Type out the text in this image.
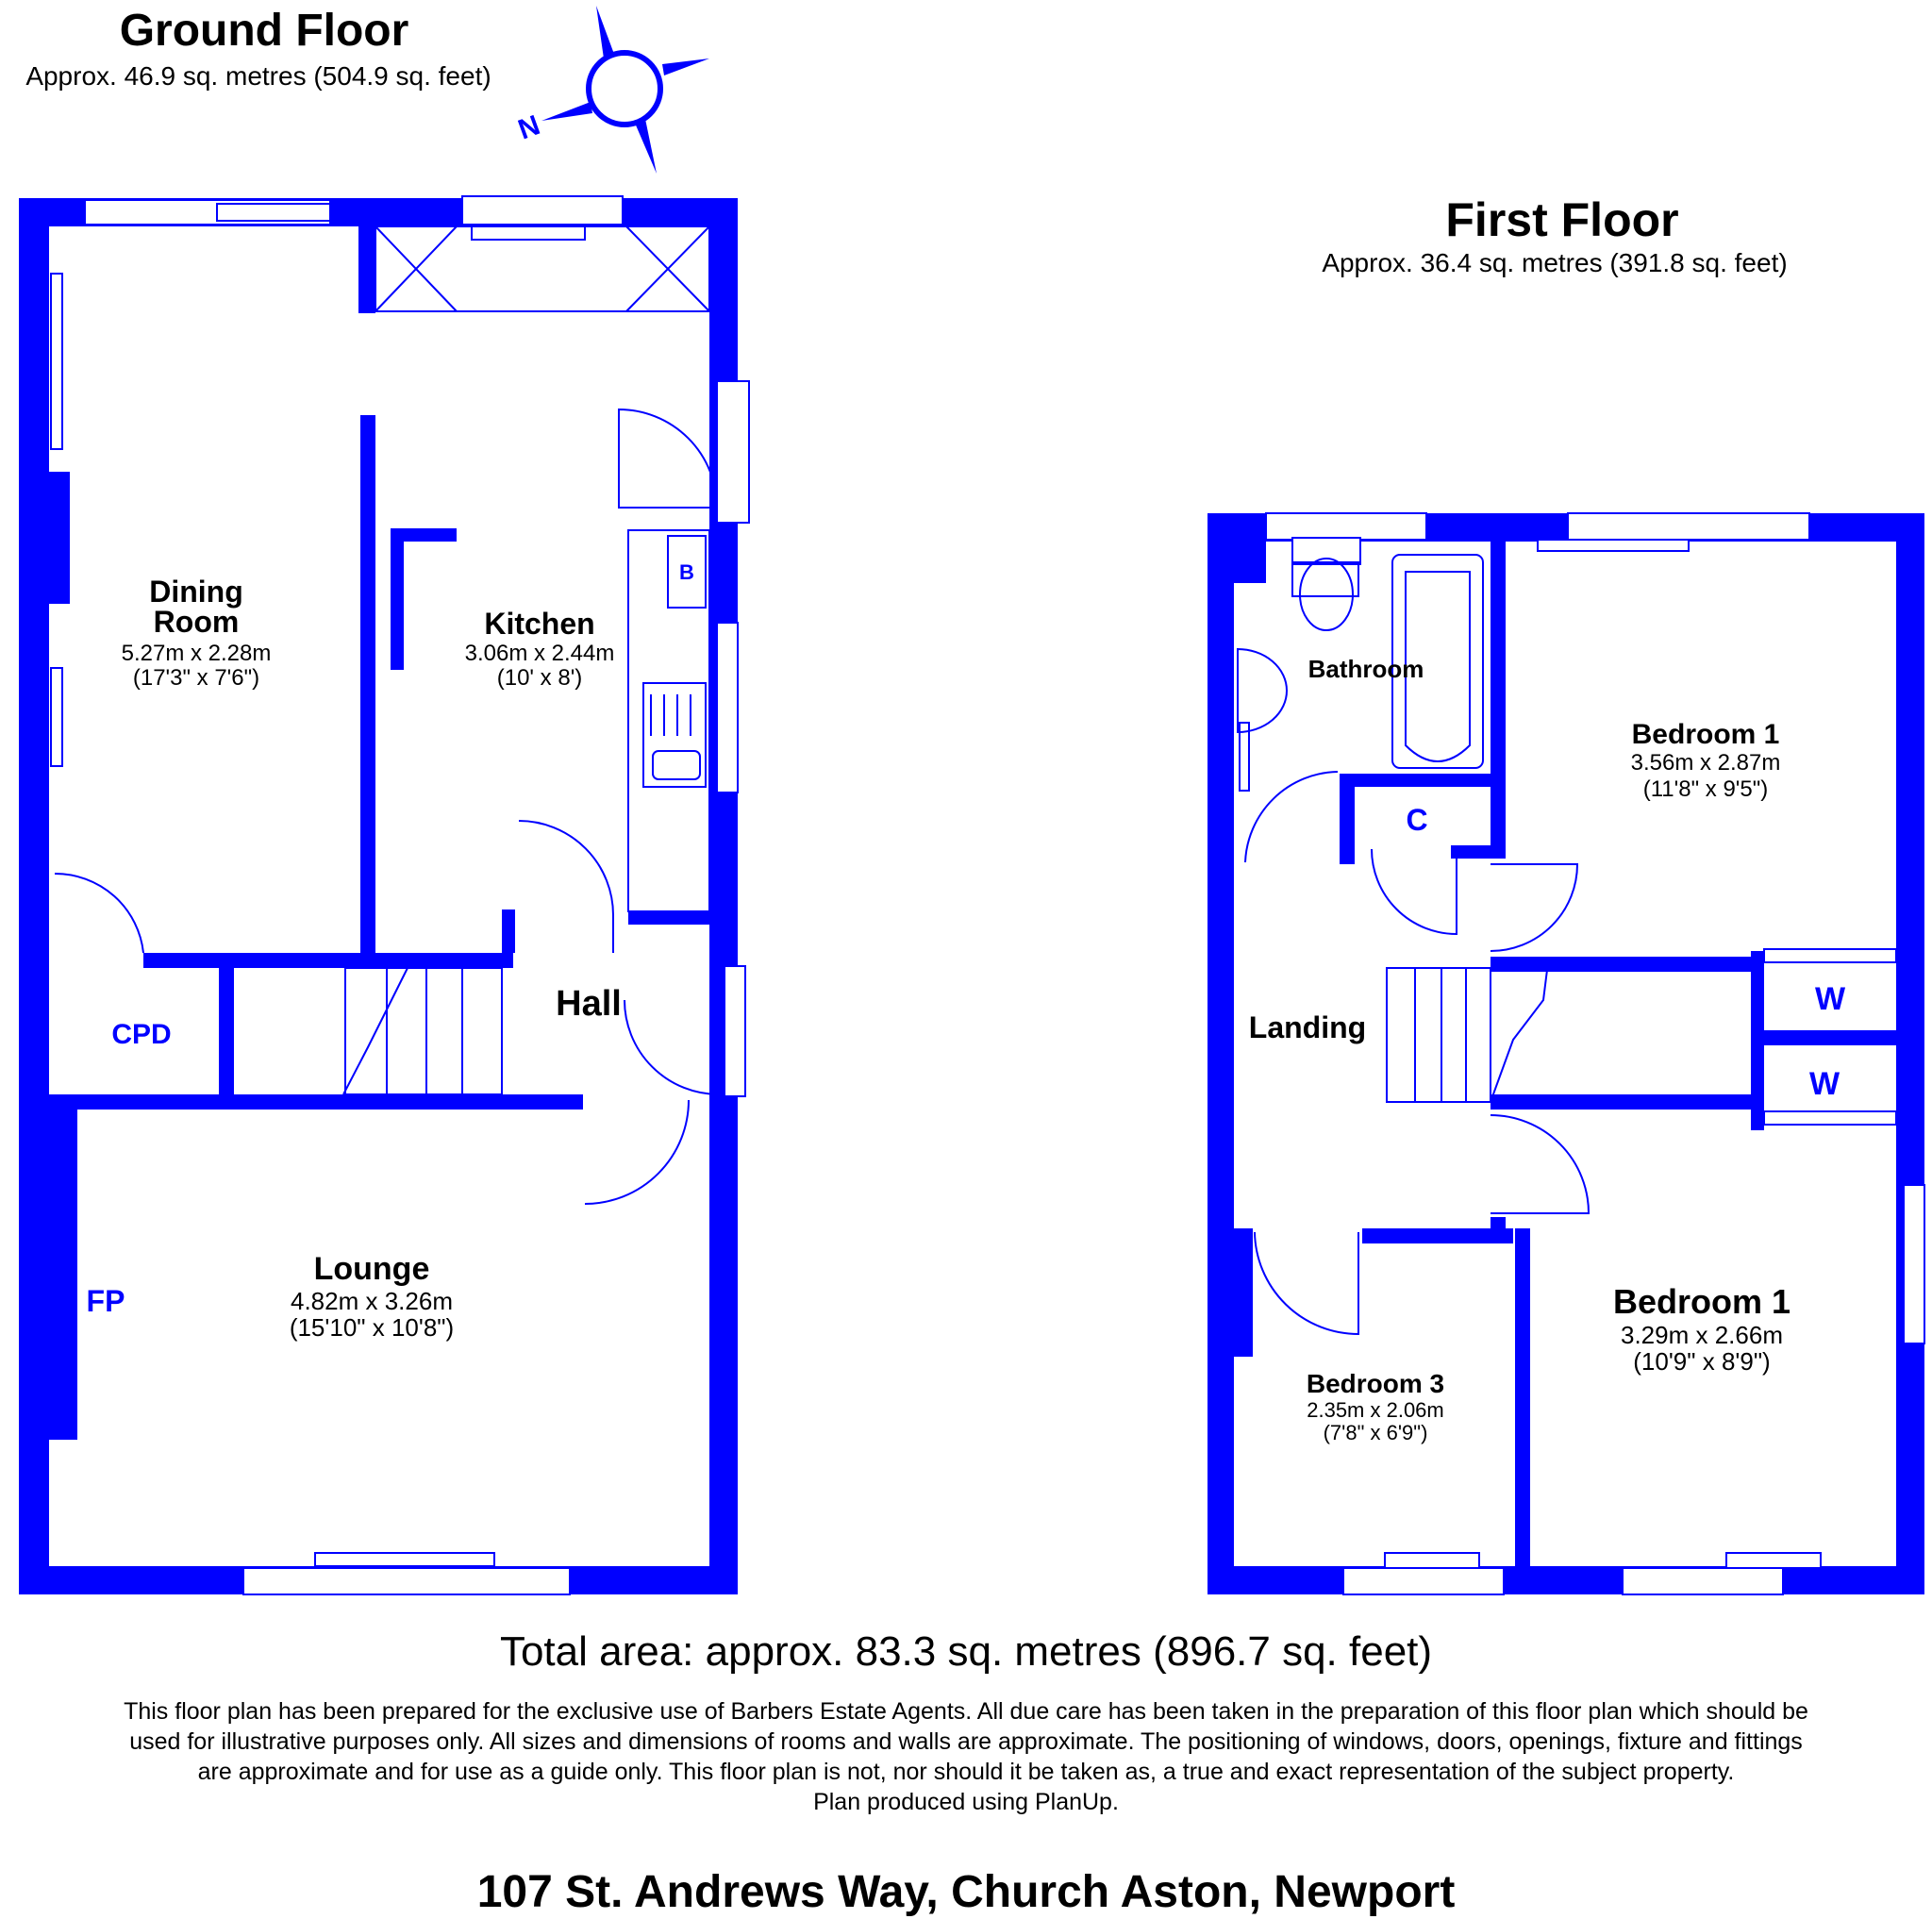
Ground Floor
Approx. 46.9 sq. metres (504.9 sq. feet)
First Floor
Approx. 36.4 sq. metres (391.8 sq. feet)
N
Dining
Room
5.27m x 2.28m
(17'3" x 7'6")
Kitchen
3.06m x 2.44m
(10' x 8')
B
Hall
CPD
FP
Lounge
4.82m x 3.26m
(15'10" x 10'8")
Bathroom
C
Landing
Bedroom 1
3.56m x 2.87m
(11'8" x 9'5")
W
W
Bedroom 1
3.29m x 2.66m
(10'9" x 8'9")
Bedroom 3
2.35m x 2.06m
(7'8" x 6'9")
Total area: approx. 83.3 sq. metres (896.7 sq. feet)
This floor plan has been prepared for the exclusive use of Barbers Estate Agents. All due care has been taken in the preparation of this floor plan which should be used for illustrative purposes only. All sizes and dimensions of rooms and walls are approximate. The positioning of windows, doors, openings, fixture and fittings are approximate and for use as a guide only. This floor plan is not, nor should it be taken as, a true and exact representation of the subject property.
Plan produced using PlanUp.
107 St. Andrews Way, Church Aston, Newport
